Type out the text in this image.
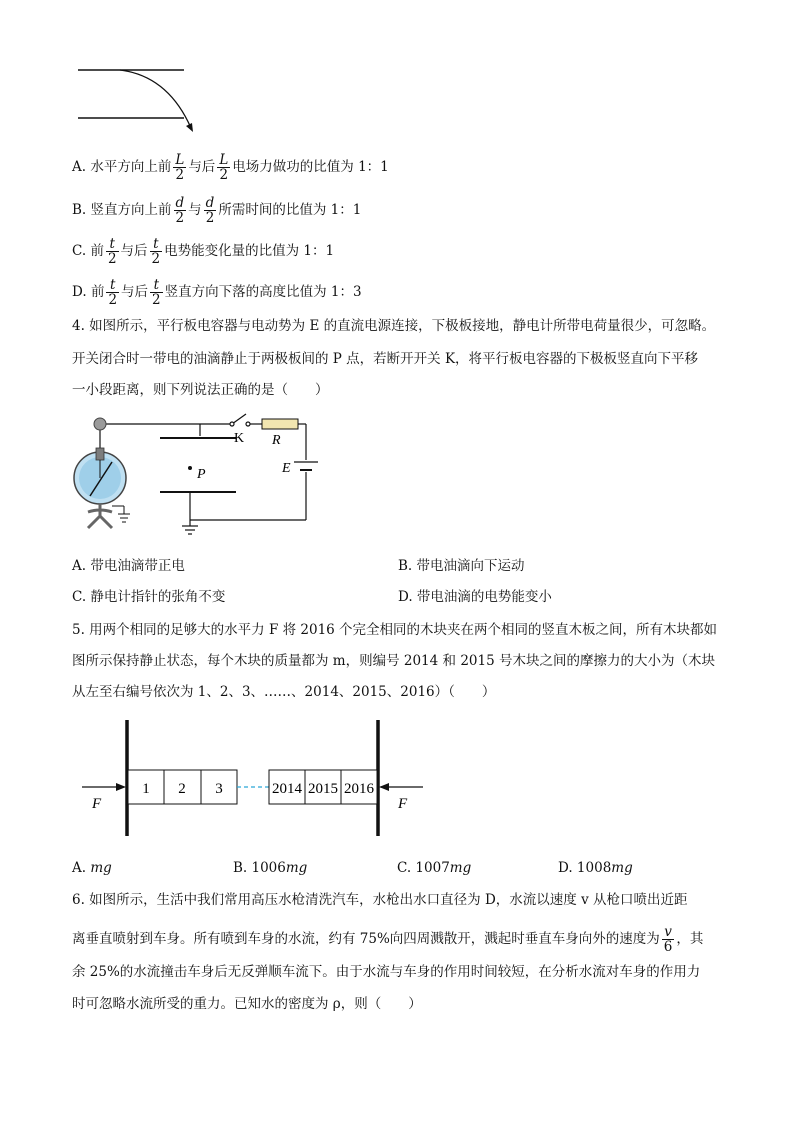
A. 水平方向上前 $\frac{L}{2}$ 与后 $\frac{L}{2}$ 电场力做功的比值为 1：1
B. 竖直方向上前 $\frac{d}{2}$ 与 $\frac{d}{2}$ 所需时间的比值为 1：1
C. 前 $\frac{t}{2}$ 与后 $\frac{t}{2}$ 电势能变化量的比值为 1：1
D. 前 $\frac{t}{2}$ 与后 $\frac{t}{2}$ 竖直方向下落的高度比值为 1：3
4. 如图所示，平行板电容器与电动势为 E 的直流电源连接，下极板接地，静电计所带电荷量很少，可忽略。
开关闭合时一带电的油滴静止于两极板间的 P 点，若断开开关 K，将平行板电容器的下极板竖直向下平移
一小段距离，则下列说法正确的是（　　）
K R
E
P
A. 带电油滴带正电	B. 带电油滴向下运动
C. 静电计指针的张角不变	D. 带电油滴的电势能变小
5. 用两个相同的足够大的水平力 F 将 2016 个完全相同的木块夹在两个相同的竖直木板之间，所有木块都如
图所示保持静止状态，每个木块的质量都为 m，则编号 2014 和 2015 号木块之间的摩擦力的大小为（木块
从左至右编号依次为 1、2、3、……、2014、2015、2016）（　　）
1 2 3	2014 2015 2016
F	F
A. mg	B. 1006mg	C. 1007mg	D. 1008mg
6. 如图所示，生活中我们常用高压水枪清洗汽车，水枪出水口直径为 D，水流以速度 v 从枪口喷出近距
离垂直喷射到车身。所有喷到车身的水流，约有 75%向四周溅散开，溅起时垂直车身向外的速度为 $\frac{v}{6}$ ，其
余 25%的水流撞击车身后无反弹顺车流下。由于水流与车身的作用时间较短，在分析水流对车身的作用力
时可忽略水流所受的重力。已知水的密度为 ρ，则（　　）
